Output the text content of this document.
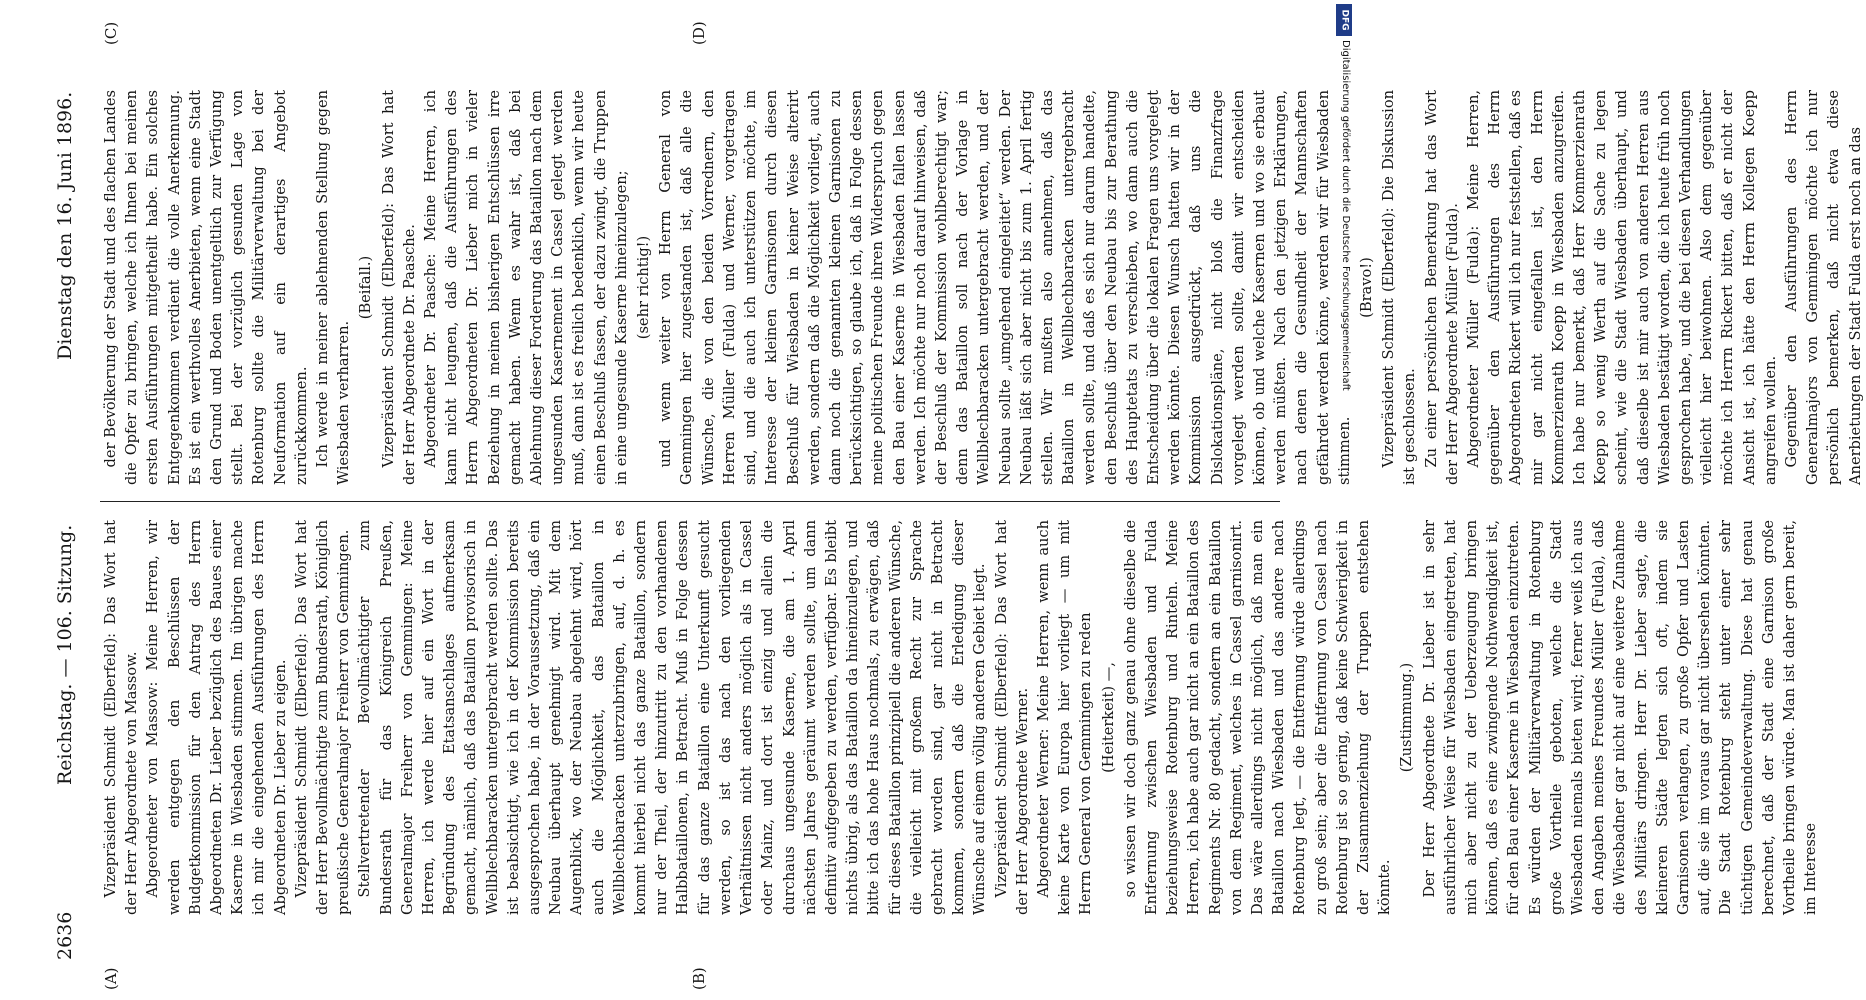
2636
Reichstag. — 106. Sitzung.
Dienstag den 16. Juni 1896.
(A)	(B)
(C)	(D)

Vizepräsident Schmidt (Elberfeld): Das Wort hat der Herr Abgeordnete von Massow. Abgeordneter von Massow: Meine Herren, wir werden entgegen den Beschlüssen der Budgetkommission für den Antrag des Herrn Abgeordneten Dr. Lieber bezüglich des Baues einer Kaserne in Wiesbaden stimmen. Im übrigen mache ich mir die eingehenden Ausführungen des Herrn Abgeordneten Dr. Lieber zu eigen. Vizepräsident Schmidt (Elberfeld): Das Wort hat der Herr Bevollmächtigte zum Bundesrath, Königlich preußische Generalmajor Freiherr von Gemmingen. Stellvertretender Bevollmächtigter zum Bundesrath für das Königreich Preußen, Generalmajor Freiherr von Gemmingen: Meine Herren, ich werde hier auf ein Wort in der Begründung des Etatsanschlages aufmerksam gemacht, nämlich, daß das Bataillon provisorisch in Wellblechbaracken untergebracht werden sollte. Das ist beabsichtigt, wie ich in der Kommission bereits ausgesprochen habe, in der Voraussetzung, daß ein Neubau überhaupt genehmigt wird. Mit dem Augenblick, wo der Neubau abgelehnt wird, hört auch die Möglichkeit, das Bataillon in Wellblechbaracken unterzubringen, auf, d. h. es kommt hierbei nicht das ganze Bataillon, sondern nur der Theil, der hinzutritt zu den vorhandenen Halbbataillonen, in Betracht. Muß in Folge dessen für das ganze Bataillon eine Unterkunft gesucht werden, so ist das nach den vorliegenden Verhältnissen nicht anders möglich als in Cassel oder Mainz, und dort ist einzig und allein die durchaus ungesunde Kaserne, die am 1. April nächsten Jahres geräumt werden sollte, um dann definitiv aufgegeben zu werden, verfügbar. Es bleibt nichts übrig, als das Bataillon da hineinzulegen, und bitte ich das hohe Haus nochmals, zu erwägen, daß für dieses Bataillon prinzipiell die anderen Wünsche, die vielleicht mit großem Recht zur Sprache gebracht worden sind, gar nicht in Betracht kommen, sondern daß die Erledigung dieser Wünsche auf einem völlig anderen Gebiet liegt. Vizepräsident Schmidt (Elberfeld): Das Wort hat der Herr Abgeordnete Werner. Abgeordneter Werner: Meine Herren, wenn auch keine Karte von Europa hier vorliegt — um mit Herrn General von Gemmingen zu reden (Heiterkeit) —, so wissen wir doch ganz genau ohne dieselbe die Entfernung zwischen Wiesbaden und Fulda beziehungsweise Rotenburg und Rinteln. Meine Herren, ich habe auch gar nicht an ein Bataillon des Regiments Nr. 80 gedacht, sondern an ein Bataillon von dem Regiment, welches in Cassel garnisonirt. Das wäre allerdings nicht möglich, daß man ein Bataillon nach Wiesbaden und das andere nach Rotenburg legt, — die Entfernung würde allerdings zu groß sein; aber die Entfernung von Cassel nach Rotenburg ist so gering, daß keine Schwierigkeit in der Zusammenziehung der Truppen entstehen könnte.

(Zustimmung.) Der Herr Abgeordnete Dr. Lieber ist in sehr ausführlicher Weise für Wiesbaden eingetreten, hat mich aber nicht zu der Ueberzeugung bringen können, daß es eine zwingende Nothwendigkeit ist, für den Bau einer Kaserne in Wiesbaden einzutreten. Es würden der Militärverwaltung in Rotenburg große Vortheile geboten, welche die Stadt Wiesbaden niemals bieten wird; ferner weiß ich aus den Angaben meines Freundes Müller (Fulda), daß die Wiesbadner gar nicht auf eine weitere Zunahme des Militärs dringen. Herr Dr. Lieber sagte, die kleineren Städte legten sich oft, indem sie Garnisonen verlangen, zu große Opfer und Lasten auf, die sie im voraus gar nicht übersehen könnten. Die Stadt Rotenburg steht unter einer sehr tüchtigen Gemeindeverwaltung. Diese hat genau berechnet, daß der Stadt eine Garnison große Vortheile bringen würde. Man ist daher gern bereit, im Interesse

der Bevölkerung der Stadt und des flachen Landes die Opfer zu bringen, welche ich Ihnen bei meinen ersten Ausführungen mitgetheilt habe. Ein solches Entgegenkommen verdient die volle Anerkennung. Es ist ein werthvolles Anerbieten, wenn eine Stadt den Grund und Boden unentgeltlich zur Verfügung stellt. Bei der vorzüglich gesunden Lage von Rotenburg sollte die Militärverwaltung bei der Neuformation auf ein derartiges Angebot zurückkommen. Ich werde in meiner ablehnenden Stellung gegen Wiesbaden verharren.

(Beifall.) Vizepräsident Schmidt (Elberfeld): Das Wort hat der Herr Abgeordnete Dr. Paasche. Abgeordneter Dr. Paasche: Meine Herren, ich kann nicht leugnen, daß die Ausführungen des Herrn Abgeordneten Dr. Lieber mich in vieler Beziehung in meinen bisherigen Entschlüssen irre gemacht haben. Wenn es wahr ist, daß bei Ablehnung dieser Forderung das Bataillon nach dem ungesunden Kasernement in Cassel gelegt werden muß, dann ist es freilich bedenklich, wenn wir heute einen Beschluß fassen, der dazu zwingt, die Truppen in eine ungesunde Kaserne hineinzulegen; (sehr richtig!) und wenn weiter von Herrn General von Gemmingen hier zugestanden ist, daß alle die Wünsche, die von den beiden Vorrednern, den Herren Müller (Fulda) und Werner, vorgetragen sind, und die auch ich unterstützen möchte, im Interesse der kleinen Garnisonen durch diesen Beschluß für Wiesbaden in keiner Weise alterirt werden, sondern daß die Möglichkeit vorliegt, auch dann noch die genannten kleinen Garnisonen zu berücksichtigen, so glaube ich, daß in Folge dessen meine politischen Freunde ihren Widerspruch gegen den Bau einer Kaserne in Wiesbaden fallen lassen werden. Ich möchte nur noch darauf hinweisen, daß der Beschluß der Kommission wohlberechtigt war; denn das Bataillon soll nach der Vorlage in Wellblechbaracken untergebracht werden, und der Neubau sollte „umgehend eingeleitet“ werden. Der Neubau läßt sich aber nicht bis zum 1. April fertig stellen. Wir mußten also annehmen, daß das Bataillon in Wellblechbaracken untergebracht werden sollte, und daß es sich nur darum handelte, den Beschluß über den Neubau bis zur Berathung des Hauptetats zu verschieben, wo dann auch die Entscheidung über die lokalen Fragen uns vorgelegt werden könnte. Diesen Wunsch hatten wir in der Kommission ausgedrückt, daß uns die Dislokationspläne, nicht bloß die Finanzfrage vorgelegt werden sollte, damit wir entscheiden können, ob und welche Kasernen und wo sie erbaut werden müßten. Nach den jetzigen Erklärungen, nach denen die Gesundheit der Mannschaften gefährdet werden könne, werden wir für Wiesbaden stimmen.

(Bravo!) Vizepräsident Schmidt (Elberfeld): Die Diskussion ist geschlossen. Zu einer persönlichen Bemerkung hat das Wort der Herr Abgeordnete Müller (Fulda). Abgeordneter Müller (Fulda): Meine Herren, gegenüber den Ausführungen des Herrn Abgeordneten Rickert will ich nur feststellen, daß es mir gar nicht eingefallen ist, den Herrn Kommerzienrath Koepp in Wiesbaden anzugreifen. Ich habe nur bemerkt, daß Herr Kommerzienrath Koepp so wenig Werth auf die Sache zu legen scheint, wie die Stadt Wiesbaden überhaupt, und daß dieselbe ist mir auch von anderen Herren aus Wiesbaden bestätigt worden, die ich heute früh noch gesprochen habe, und die bei diesen Verhandlungen vielleicht hier beiwohnen. Also dem gegenüber möchte ich Herrn Rickert bitten, daß er nicht der Ansicht ist, ich hätte den Herrn Kollegen Koepp angreifen wollen. Gegenüber den Ausführungen des Herrn Generalmajors von Gemmingen möchte ich nur persönlich bemerken, daß nicht etwa diese Anerbietungen der Stadt Fulda erst noch an das

DFG
Digitalisierung gefördert durch die Deutsche Forschungsgemeinschaft
